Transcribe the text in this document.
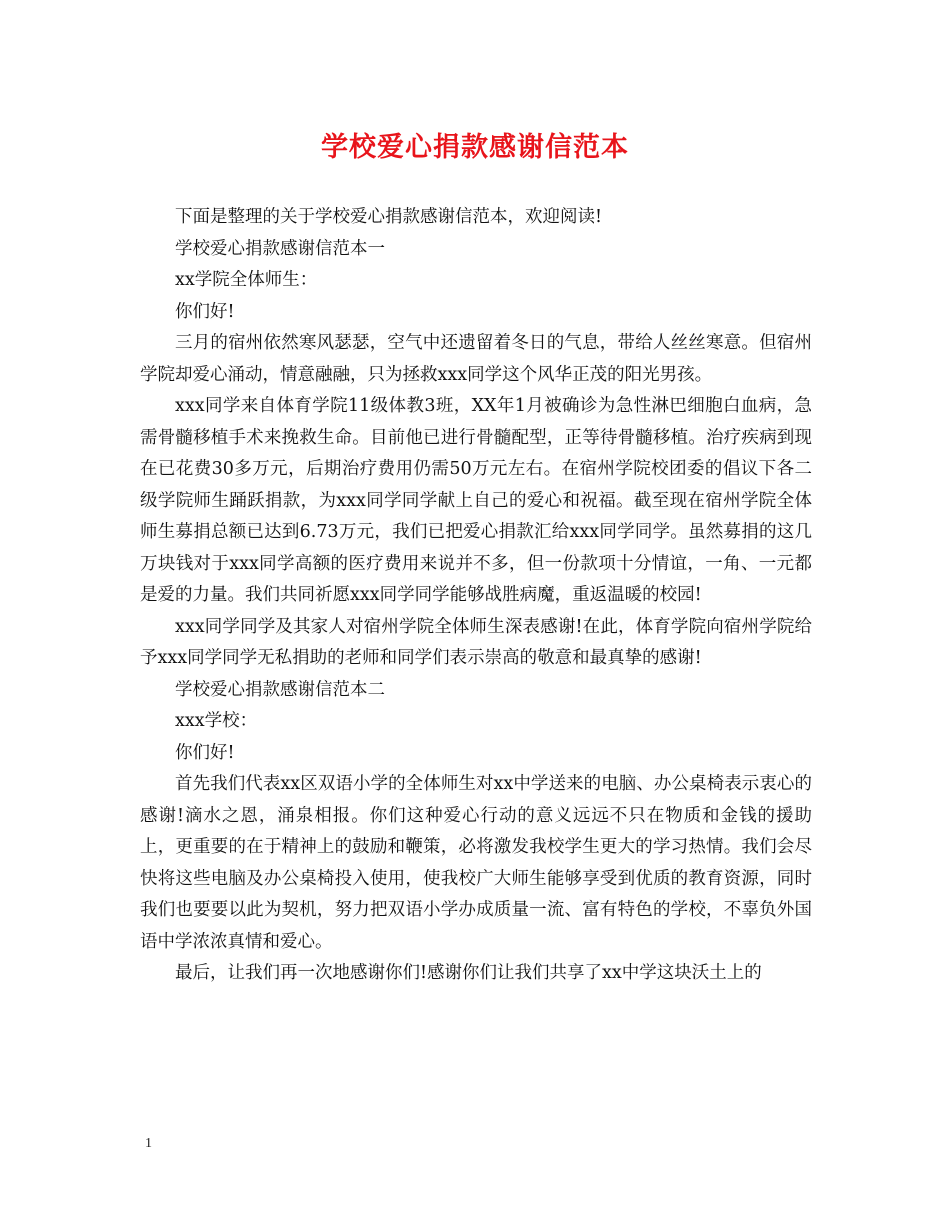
学校爱心捐款感谢信范本

下面是整理的关于学校爱心捐款感谢信范本，欢迎阅读!

学校爱心捐款感谢信范本一

xx学院全体师生：

你们好!

三月的宿州依然寒风瑟瑟，空气中还遗留着冬日的气息，带给人丝丝寒意。但宿州学院却爱心涌动，情意融融，只为拯救xxx同学这个风华正茂的阳光男孩。

xxx同学来自体育学院11级体教3班，XX年1月被确诊为急性淋巴细胞白血病，急需骨髓移植手术来挽救生命。目前他已进行骨髓配型，正等待骨髓移植。治疗疾病到现在已花费30多万元，后期治疗费用仍需50万元左右。在宿州学院校团委的倡议下各二级学院师生踊跃捐款，为xxx同学同学献上自己的爱心和祝福。截至现在宿州学院全体师生募捐总额已达到6.73万元，我们已把爱心捐款汇给xxx同学同学。虽然募捐的这几万块钱对于xxx同学高额的医疗费用来说并不多，但一份款项十分情谊，一角、一元都是爱的力量。我们共同祈愿xxx同学同学能够战胜病魔，重返温暖的校园!

xxx同学同学及其家人对宿州学院全体师生深表感谢!在此，体育学院向宿州学院给予xxx同学同学无私捐助的老师和同学们表示崇高的敬意和最真挚的感谢!

学校爱心捐款感谢信范本二

xxx学校：

你们好!

首先我们代表xx区双语小学的全体师生对xx中学送来的电脑、办公桌椅表示衷心的感谢!滴水之恩，涌泉相报。你们这种爱心行动的意义远远不只在物质和金钱的援助上，更重要的在于精神上的鼓励和鞭策，必将激发我校学生更大的学习热情。我们会尽快将这些电脑及办公桌椅投入使用，使我校广大师生能够享受到优质的教育资源，同时我们也要要以此为契机，努力把双语小学办成质量一流、富有特色的学校，不辜负外国语中学浓浓真情和爱心。

最后，让我们再一次地感谢你们!感谢你们让我们共享了xx中学这块沃土上的

1
